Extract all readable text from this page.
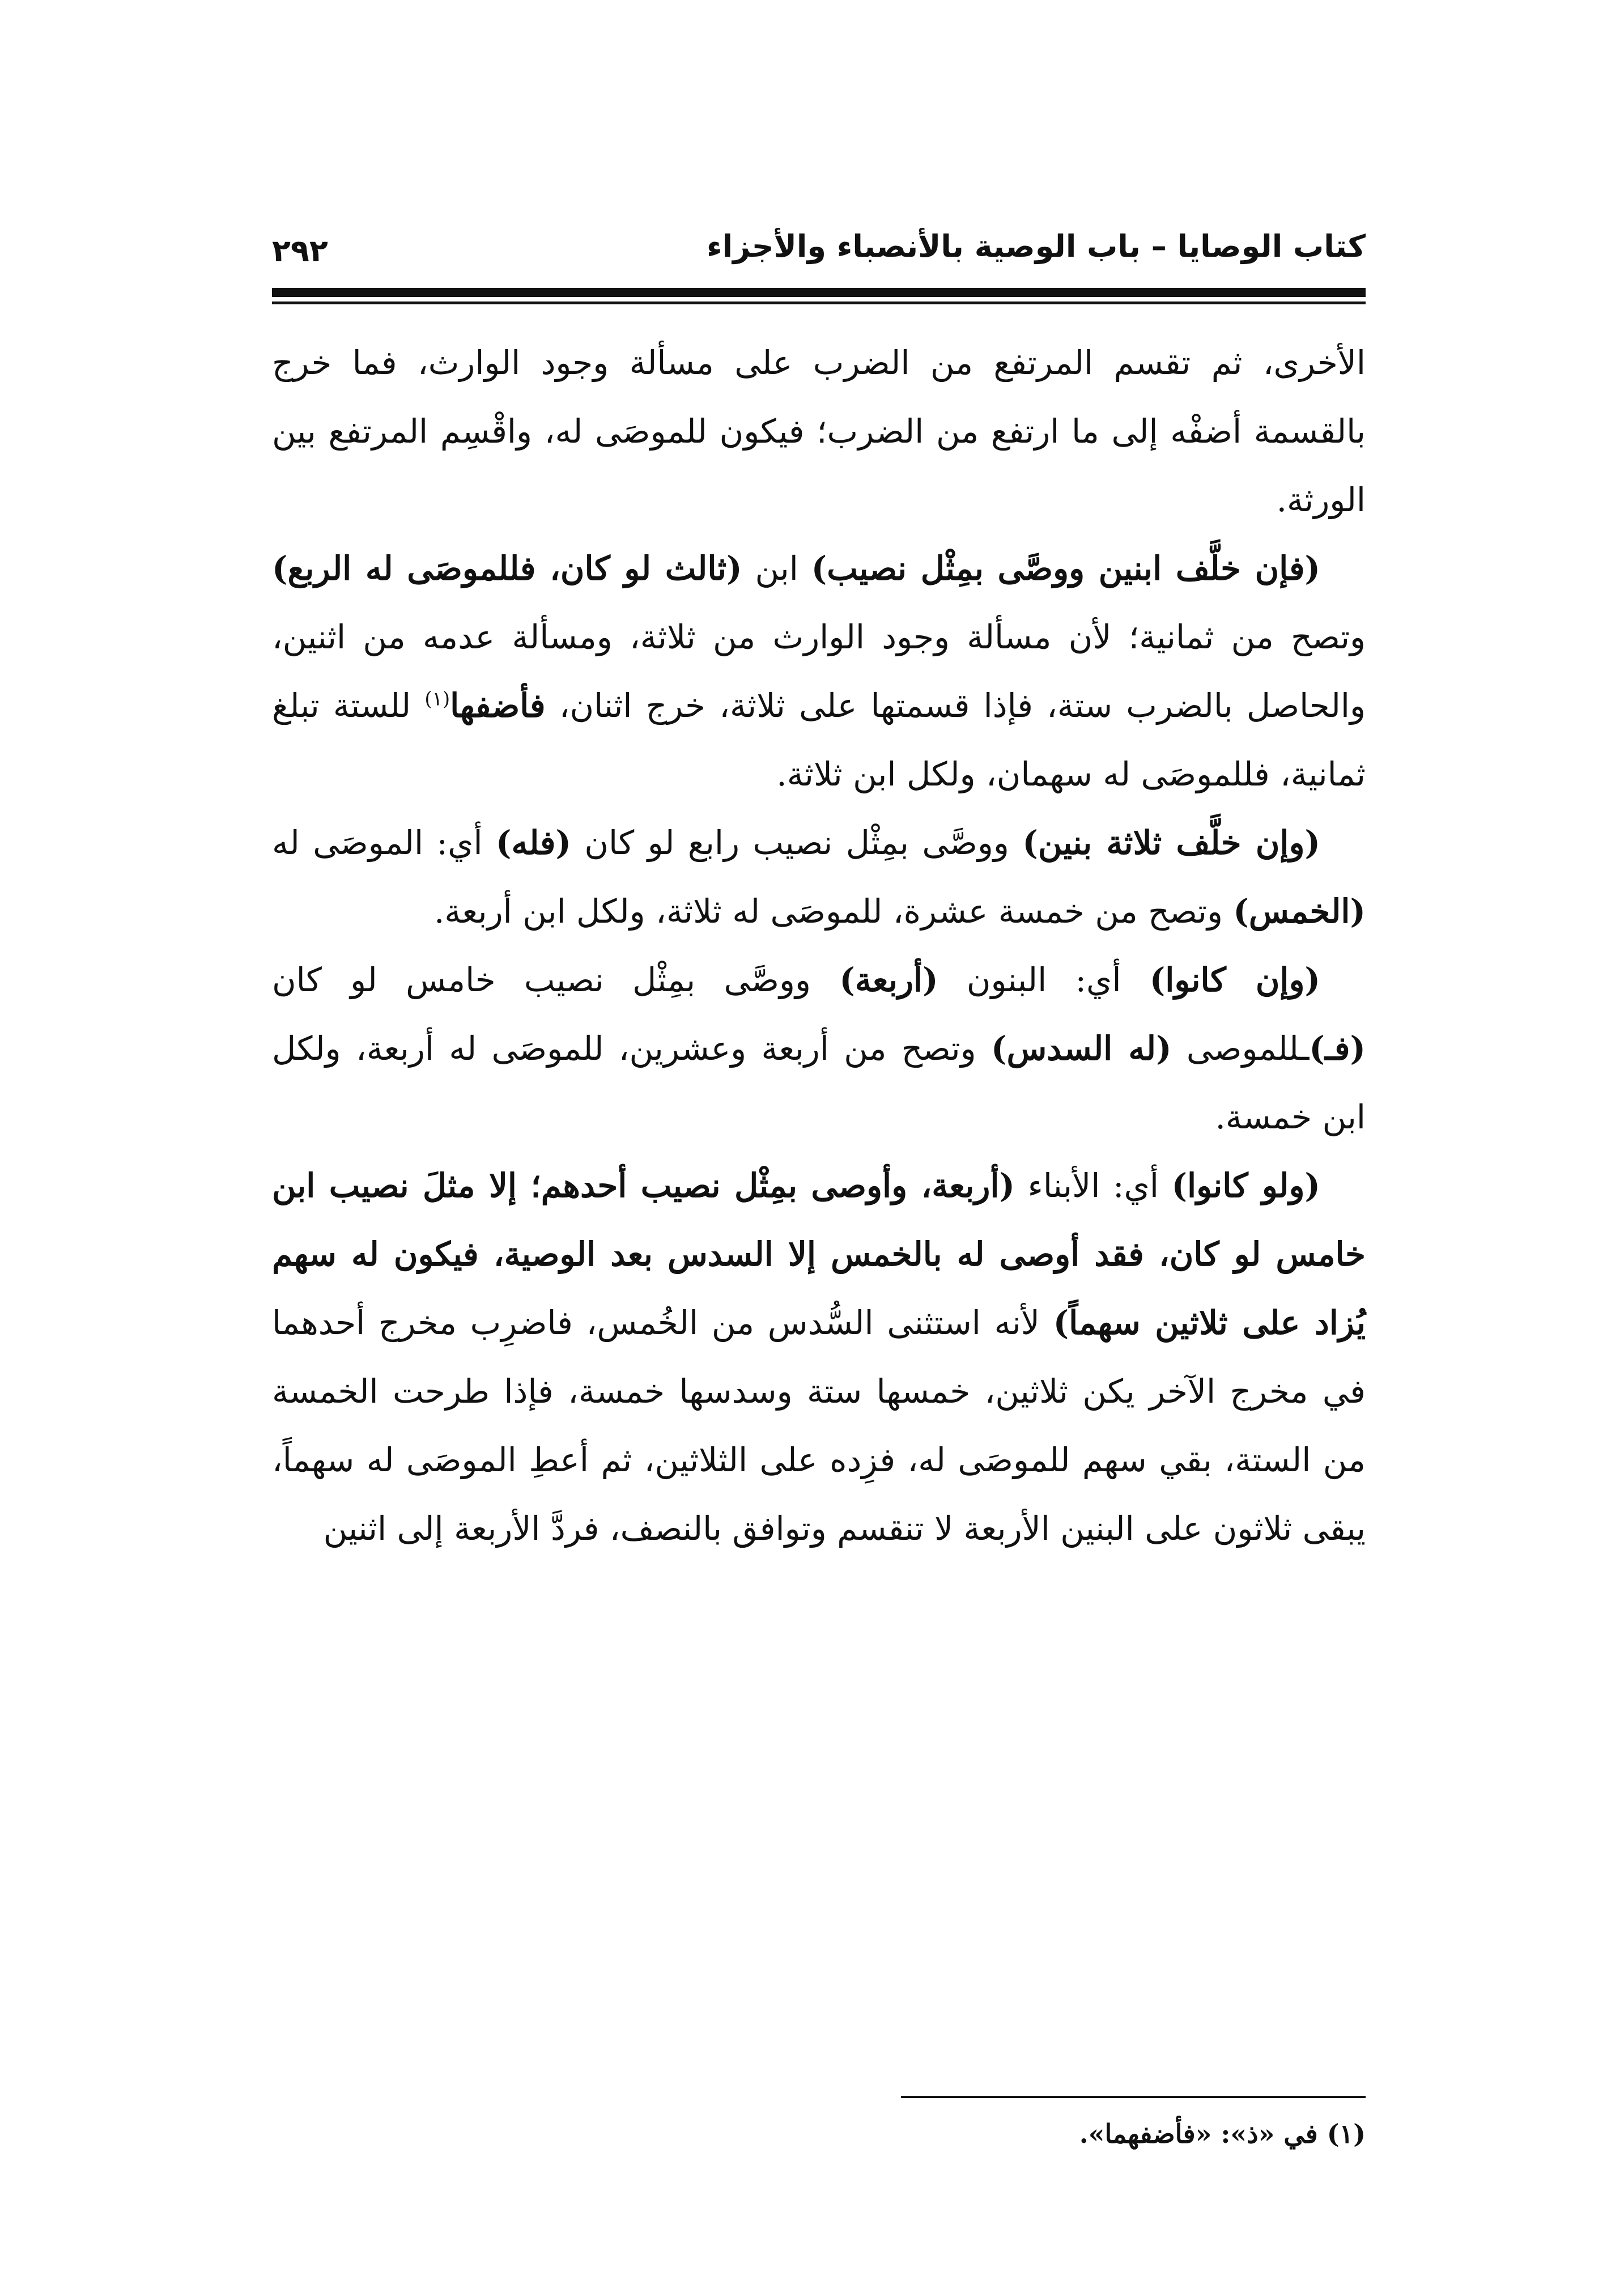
كتاب الوصايا – باب الوصية بالأنصباء والأجزاء
٢٩٢

الأخرى، ثم تقسم المرتفع من الضرب على مسألة وجود الوارث، فما خرج بالقسمة أضفْه إلى ما ارتفع من الضرب؛ فيكون للموصَى له، واقْسِم المرتفع بين الورثة.

(فإن خلَّف ابنين ووصَّى بمِثْل نصيب) ابن (ثالث لو كان، فللموصَى له الربع) وتصح من ثمانية؛ لأن مسألة وجود الوارث من ثلاثة، ومسألة عدمه من اثنين، والحاصل بالضرب ستة، فإذا قسمتها على ثلاثة، خرج اثنان، فأضفها$^{(١)}$ للستة تبلغ ثمانية، فللموصَى له سهمان، ولكل ابن ثلاثة.

(وإن خلَّف ثلاثة بنين) ووصَّى بمِثْل نصيب رابع لو كان (فله) أي: الموصَى له (الخمس) وتصح من خمسة عشرة، للموصَى له ثلاثة، ولكل ابن أربعة.

(وإن كانوا) أي: البنون (أربعة) ووصَّى بمِثْل نصيب خامس لو كان (فـ)ـللموصى (له السدس) وتصح من أربعة وعشرين، للموصَى له أربعة، ولكل ابن خمسة.

(ولو كانوا) أي: الأبناء (أربعة، وأوصى بمِثْل نصيب أحدهم؛ إلا مثلَ نصيب ابن خامس لو كان، فقد أوصى له بالخمس إلا السدس بعد الوصية، فيكون له سهم يُزاد على ثلاثين سهماً) لأنه استثنى السُّدس من الخُمس، فاضرِب مخرج أحدهما في مخرج الآخر يكن ثلاثين، خمسها ستة وسدسها خمسة، فإذا طرحت الخمسة من الستة، بقي سهم للموصَى له، فزِده على الثلاثين، ثم أعطِ الموصَى له سهماً، يبقى ثلاثون على البنين الأربعة لا تنقسم وتوافق بالنصف، فردَّ الأربعة إلى اثنين

(١) في «ذ»: «فأضفهما».
